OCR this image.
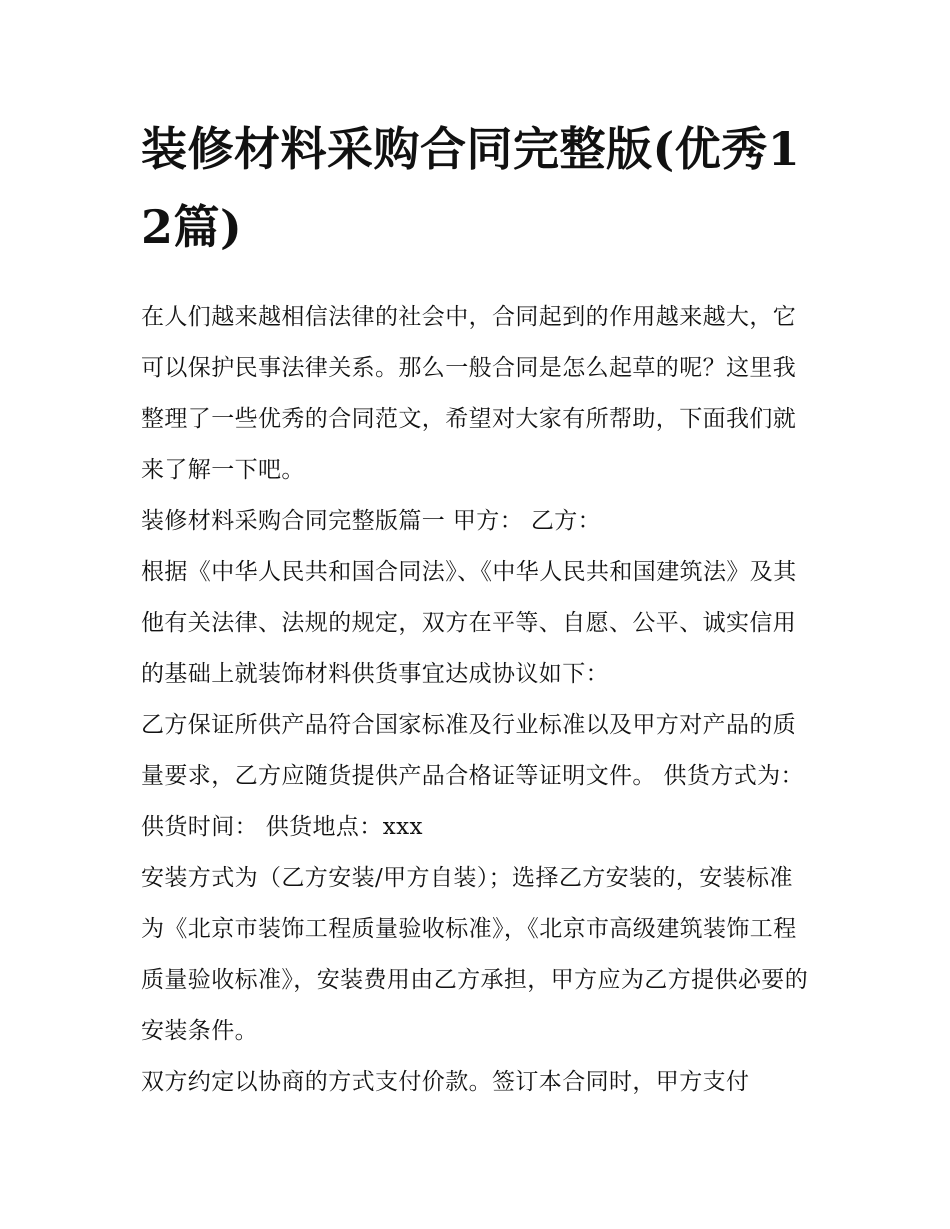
装修材料采购合同完整版(优秀12篇)

在人们越来越相信法律的社会中，合同起到的作用越来越大，它可以保护民事法律关系。那么一般合同是怎么起草的呢？这里我整理了一些优秀的合同范文，希望对大家有所帮助，下面我们就来了解一下吧。

装修材料采购合同完整版篇一 甲方： 乙方：

根据《中华人民共和国合同法》、《中华人民共和国建筑法》及其他有关法律、法规的规定，双方在平等、自愿、公平、诚实信用的基础上就装饰材料供货事宜达成协议如下：

乙方保证所供产品符合国家标准及行业标准以及甲方对产品的质量要求，乙方应随货提供产品合格证等证明文件。 供货方式为： 供货时间： 供货地点：xxx

安装方式为（乙方安装/甲方自装）；选择乙方安装的，安装标准为《北京市装饰工程质量验收标准》，《北京市高级建筑装饰工程质量验收标准》，安装费用由乙方承担，甲方应为乙方提供必要的安装条件。

双方约定以协商的方式支付价款。签订本合同时，甲方支付
